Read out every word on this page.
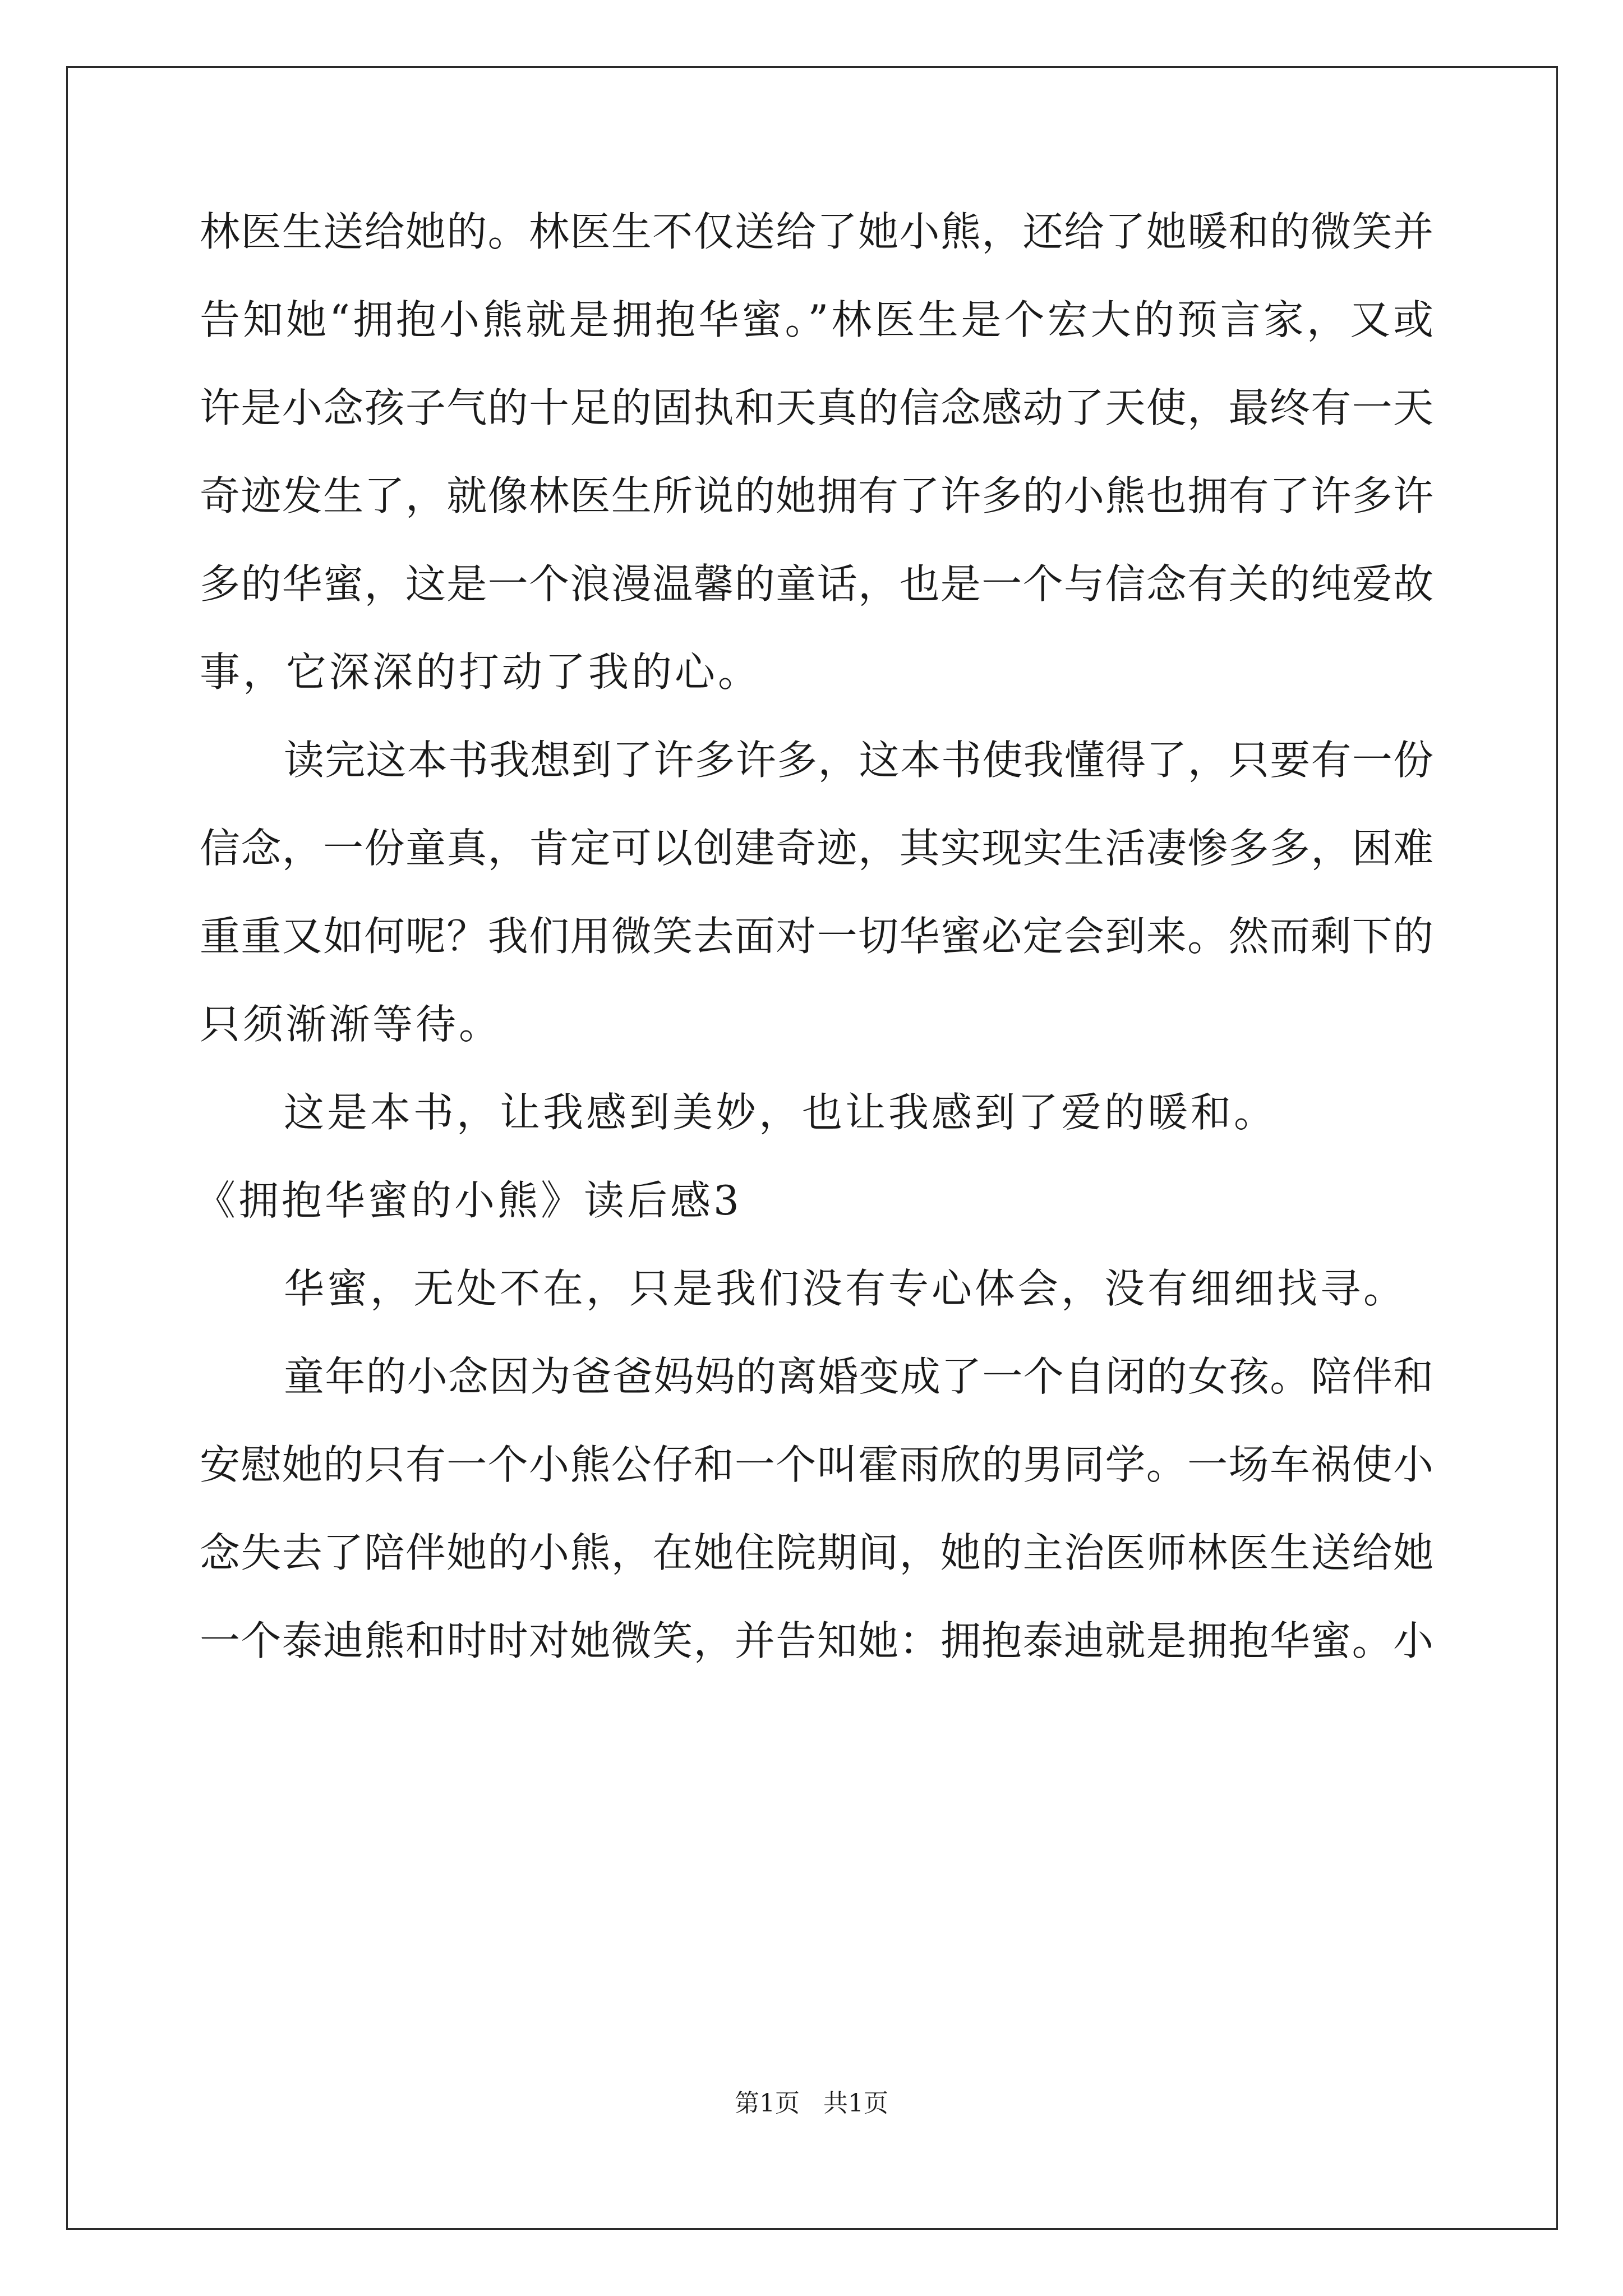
林医生送给她的。林医生不仅送给了她小熊，还给了她暖和的微笑并
告知她“拥抱小熊就是拥抱华蜜。”林医生是个宏大的预言家，又或
许是小念孩子气的十足的固执和天真的信念感动了天使，最终有一天
奇迹发生了，就像林医生所说的她拥有了许多的小熊也拥有了许多许
多的华蜜，这是一个浪漫温馨的童话，也是一个与信念有关的纯爱故
事，它深深的打动了我的心。
读完这本书我想到了许多许多，这本书使我懂得了，只要有一份
信念，一份童真，肯定可以创建奇迹，其实现实生活凄惨多多，困难
重重又如何呢？我们用微笑去面对一切华蜜必定会到来。然而剩下的
只须渐渐等待。
这是本书，让我感到美妙，也让我感到了爱的暖和。
《拥抱华蜜的小熊》读后感3
华蜜，无处不在，只是我们没有专心体会，没有细细找寻。
童年的小念因为爸爸妈妈的离婚变成了一个自闭的女孩。陪伴和
安慰她的只有一个小熊公仔和一个叫霍雨欣的男同学。一场车祸使小
念失去了陪伴她的小熊，在她住院期间，她的主治医师林医生送给她
一个泰迪熊和时时对她微笑，并告知她：拥抱泰迪就是拥抱华蜜。小
第1页   共1页
